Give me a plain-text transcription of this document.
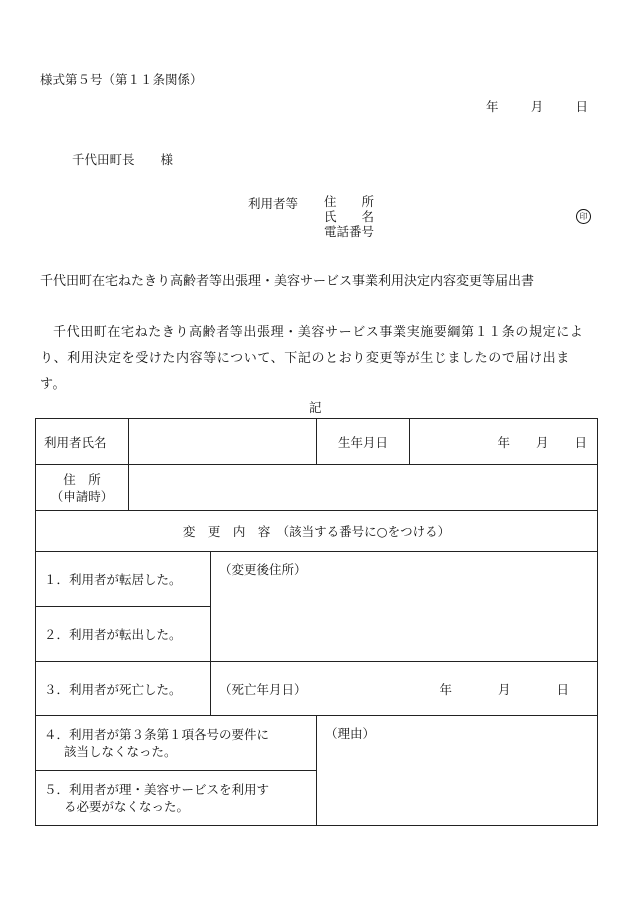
様式第５号（第１１条関係）
年	月	日
千代田町長 様
利用者等 住　　所
氏　　名
電話番号
印
千代田町在宅ねたきり高齢者等出張理・美容サービス事業利用決定内容変更等届出書

千代田町在宅ねたきり高齢者等出張理・美容サービス事業実施要綱第１１条の規定により、利用決定を受けた内容等について、下記のとおり変更等が生じましたので届け出ます。

記
利用者氏名			生年月日	年 月 日

住　所
（申請時）				

変　更　内　容　（該当する番号に○をつける）				
１．利用者が転居した。		（変更後住所）		
２．利用者が転出した。				
３．利用者が死亡した。		（死亡年月日） 年 月 日		

４．利用者が第３条第１項各号の要件に
該当しなくなった。			（理由）	

５．利用者が理・美容サービスを利用す
る必要がなくなった。				
